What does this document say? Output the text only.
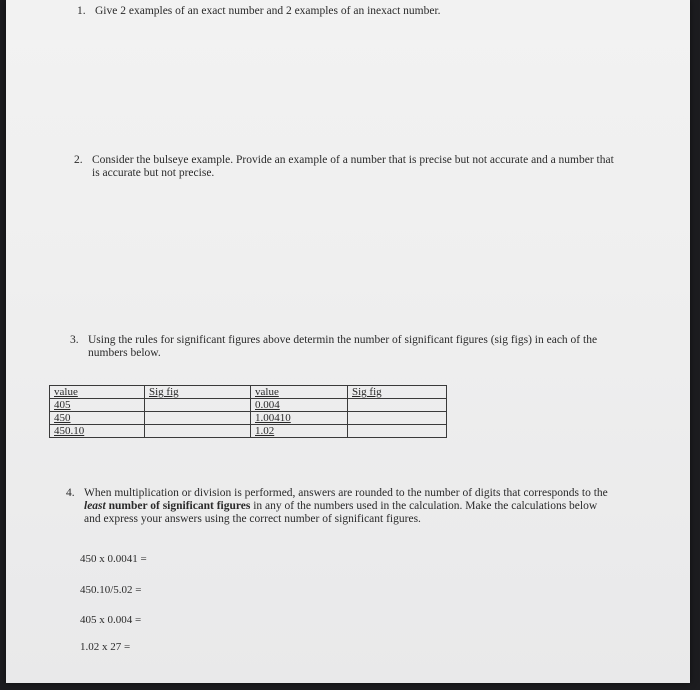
1. Give 2 examples of an exact number and 2 examples of an inexact number.
2. Consider the bulseye example. Provide an example of a number that is precise but not accurate and a number that
is accurate but not precise.
3. Using the rules for significant figures above determin the number of significant figures (sig figs) in each of the
numbers below.
value	Sig fig	value	Sig fig
405		0.004	
450		1.00410	
450.10		1.02	
4. When multiplication or division is performed, answers are rounded to the number of digits that corresponds to the
least number of significant figures in any of the numbers used in the calculation. Make the calculations below
and express your answers using the correct number of significant figures.
450 x 0.0041 =
450.10/5.02 =
405 x 0.004 =
1.02 x 27 =
